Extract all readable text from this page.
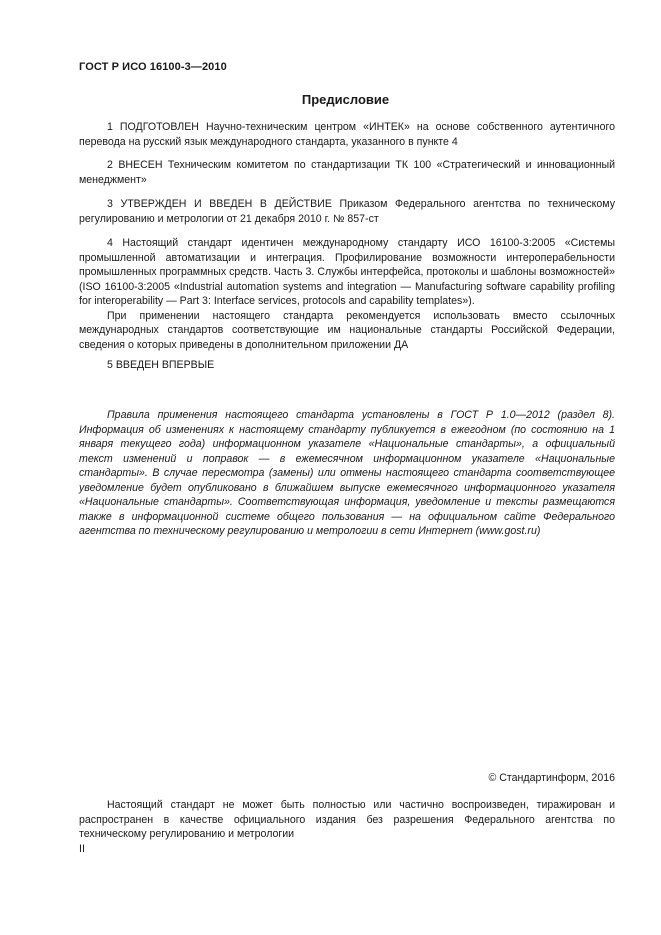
ГОСТ Р ИСО 16100-3—2010
Предисловие

1 ПОДГОТОВЛЕН Научно-техническим центром «ИНТЕК» на основе собственного аутентичного перевода на русский язык международного стандарта, указанного в пункте 4

2 ВНЕСЕН Техническим комитетом по стандартизации ТК 100 «Стратегический и инновационный менеджмент»

3 УТВЕРЖДЕН И ВВЕДЕН В ДЕЙСТВИЕ Приказом Федерального агентства по техническому регулированию и метрологии от 21 декабря 2010 г. № 857-ст

4 Настоящий стандарт идентичен международному стандарту ИСО 16100-3:2005 «Системы промышленной автоматизации и интеграция. Профилирование возможности интероперабельности промышленных программных средств. Часть 3. Службы интерфейса, протоколы и шаблоны возможностей» (ISO 16100-3:2005 «Industrial automation systems and integration — Manufacturing software capability profiling for interoperability — Part 3: Interface services, protocols and capability templates»).

При применении настоящего стандарта рекомендуется использовать вместо ссылочных международных стандартов соответствующие им национальные стандарты Российской Федерации, сведения о которых приведены в дополнительном приложении ДА

5 ВВЕДЕН ВПЕРВЫЕ

Правила применения настоящего стандарта установлены в ГОСТ Р 1.0—2012 (раздел 8). Информация об изменениях к настоящему стандарту публикуется в ежегодном (по состоянию на 1 января текущего года) информационном указателе «Национальные стандарты», а официальный текст изменений и поправок — в ежемесячном информационном указателе «Национальные стандарты». В случае пересмотра (замены) или отмены настоящего стандарта соответствующее уведомление будет опубликовано в ближайшем выпуске ежемесячного информационного указателя «Национальные стандарты». Соответствующая информация, уведомление и тексты размещаются также в информационной системе общего пользования — на официальном сайте Федерального агентства по техническому регулированию и метрологии в сети Интернет (www.gost.ru)

© Стандартинформ, 2016

Настоящий стандарт не может быть полностью или частично воспроизведен, тиражирован и распространен в качестве официального издания без разрешения Федерального агентства по техническому регулированию и метрологии

II
